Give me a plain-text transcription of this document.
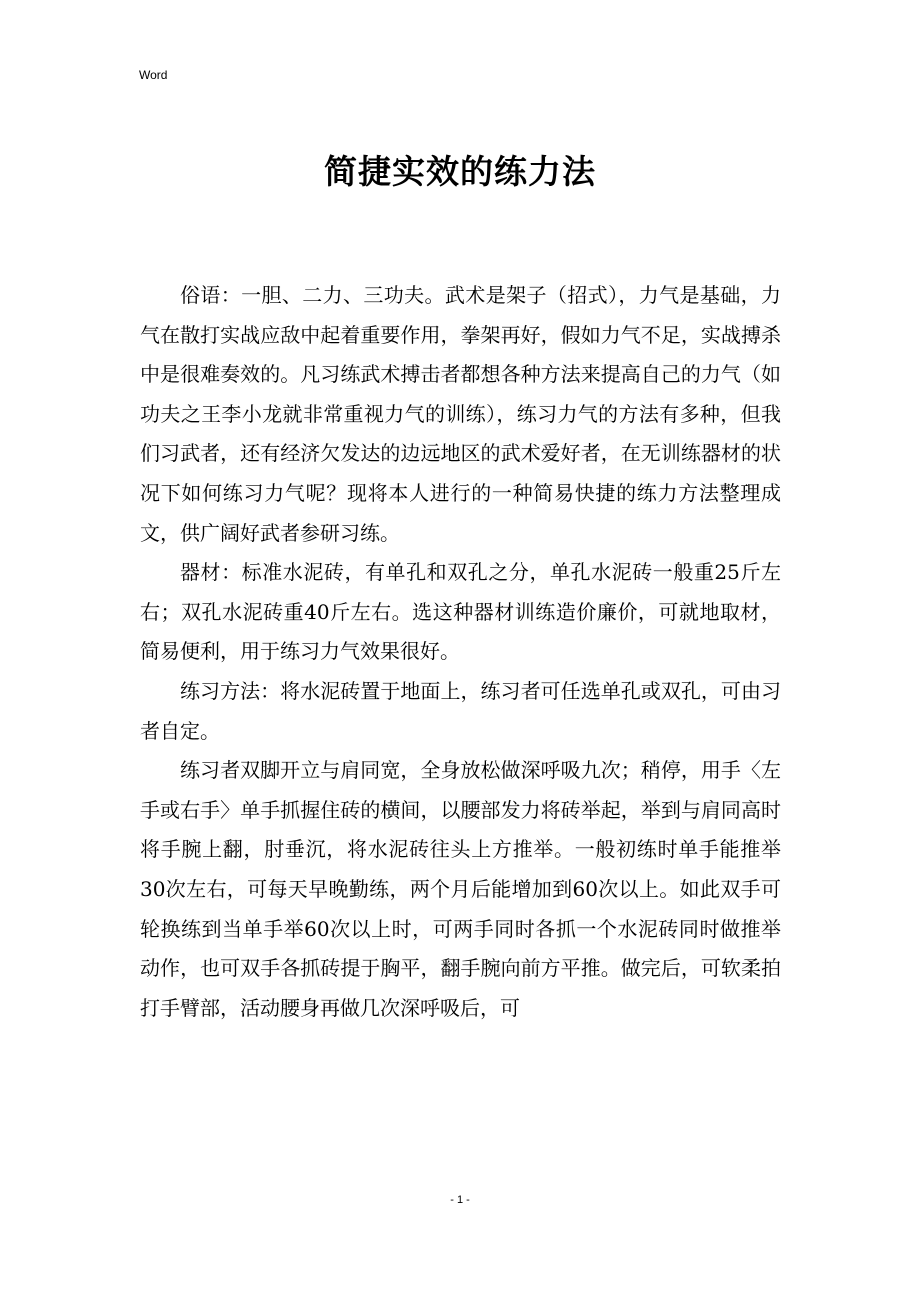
Word
简捷实效的练力法

俗语：一胆、二力、三功夫。武术是架子（招式），力气是基础，力气在散打实战应敌中起着重要作用，拳架再好，假如力气不足，实战搏杀中是很难奏效的。凡习练武术搏击者都想各种方法来提高自己的力气（如功夫之王李小龙就非常重视力气的训练），练习力气的方法有多种，但我们习武者，还有经济欠发达的边远地区的武术爱好者，在无训练器材的状况下如何练习力气呢？现将本人进行的一种简易快捷的练力方法整理成文，供广阔好武者参研习练。

器材：标准水泥砖，有单孔和双孔之分，单孔水泥砖一般重25斤左右；双孔水泥砖重40斤左右。选这种器材训练造价廉价，可就地取材，简易便利，用于练习力气效果很好。

练习方法：将水泥砖置于地面上，练习者可任选单孔或双孔，可由习者自定。

练习者双脚开立与肩同宽，全身放松做深呼吸九次；稍停，用手〈左手或右手〉单手抓握住砖的横间，以腰部发力将砖举起，举到与肩同高时将手腕上翻，肘垂沉，将水泥砖往头上方推举。一般初练时单手能推举30次左右，可每天早晚勤练，两个月后能增加到60次以上。如此双手可轮换练到当单手举60次以上时，可两手同时各抓一个水泥砖同时做推举动作，也可双手各抓砖提于胸平，翻手腕向前方平推。做完后，可软柔拍打手臂部，活动腰身再做几次深呼吸后，可

- 1 -
